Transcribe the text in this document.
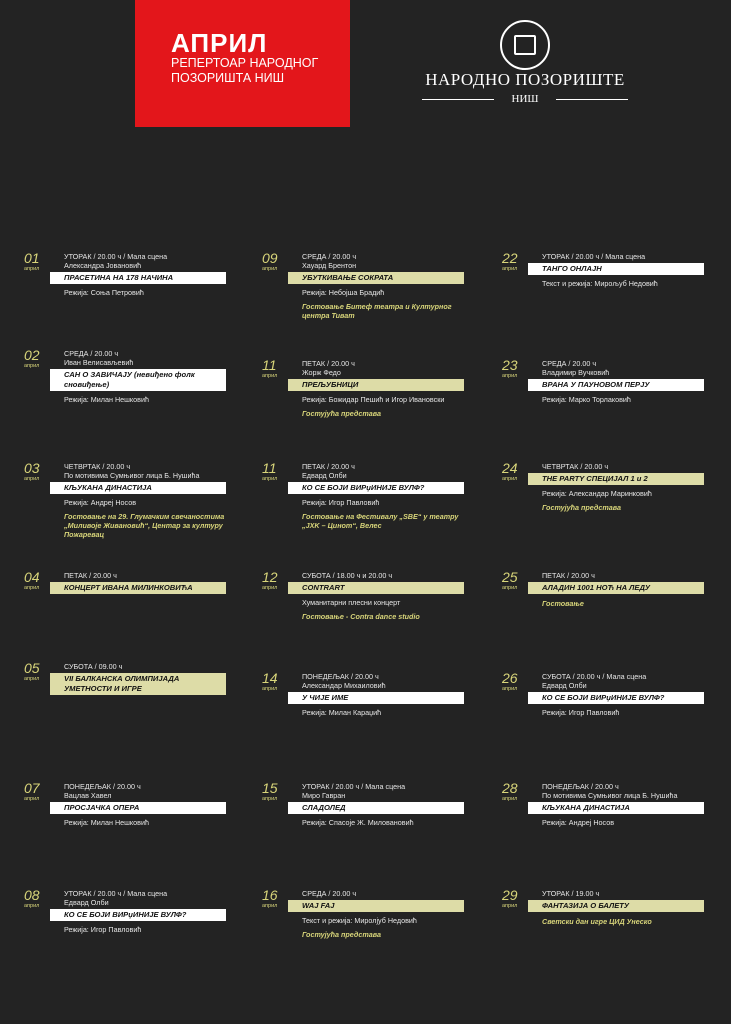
АПРИЛ
РЕПЕРТОАР НАРОДНОГ ПОЗОРИШТА НИШ	НАРОДНО ПОЗОРИШТЕ
НИШ
01
април
УТОРАК / 20.00 ч / Мала сцена
Александра Јовановић
ПРАСЕТИНА НА 178 НАЧИНА
Режија: Соња Петровић
02
април
СРЕДА / 20.00 ч
Иван Велисављевић
САН О ЗАВИЧАЈУ (невиђено фолк сновиђење)
Режија: Милан Нешковић
03
април
ЧЕТВРТАК / 20.00 ч
По мотивима Сумњивог лица Б. Нушића
КЉУКАНА ДИНАСТИЈА
Режија: Андреј Носов
Гостовање на 29. Глумачким свечаностима „Миливоје Живановић“, Центар за културу Пожаревац
04
април
ПЕТАК / 20.00 ч
КОНЦЕРТ ИВАНА МИЛИНКОВИЋА
05
април
СУБОТА / 09.00 ч
VII БАЛКАНСКА ОЛИМПИЈАДА УМЕТНОСТИ И ИГРЕ
07
април
ПОНЕДЕЉАК / 20.00 ч
Вацлав Хавел
ПРОСЈАЧКА ОПЕРА
Режија: Милан Нешковић
08
април
УТОРАК / 20.00 ч / Мала сцена
Едвард Олби
КО СЕ БОЈИ ВИРџИНИЈЕ ВУЛФ?
Режија: Игор Павловић
09
април
СРЕДА / 20.00 ч
Хауард Брентон
УБУТКИВАЊЕ СОКРАТА
Режија: Небојша Брадић
Гостовање Битеф театра и Културног центра Тиват
11
април
ПЕТАК / 20.00 ч
Жорж Федо
ПРЕЉУБНИЦИ
Режија: Божидар Пешић и Игор Ивановски
Гостујућа представа
11
април
ПЕТАК / 20.00 ч
Едвард Олби
КО СЕ БОЈИ ВИРџИНИЈЕ ВУЛФ?
Режија: Игор Павловић
Гостовање на Фестивалу „SBE“ у театру „JXK – Цинот“, Велес
12
април
СУБОТА / 18.00 ч и 20.00 ч
CONTRART
Хуманитарни плесни концерт
Гостовање - Contra dance studio
14
април
ПОНЕДЕЉАК / 20.00 ч
Александар Михаиловић
У ЧИЈЕ ИМЕ
Режија: Милан Караџић
15
април
УТОРАК / 20.00 ч / Мала сцена
Миро Гавран
СЛАДОЛЕД
Режија: Спасоје Ж. Миловановић
16
април
СРЕДА / 20.00 ч
WAJ FAJ
Текст и режија: Миролјуб Недовић
Гостујућа представа
22
април
УТОРАК / 20.00 ч / Мала сцена
ТАНГО ОНЛАЈН
Текст и режија: Мирољуб Недовић
23
април
СРЕДА / 20.00 ч
Владимир Вучковић
ВРАНА У ПАУНОВОМ ПЕРЈУ
Режија: Марко Торлаковић
24
април
ЧЕТВРТАК / 20.00 ч
THE PARTY СПЕЦИЈАЛ 1 и 2
Режија: Александар Маринковић
Гостујућа представа
25
април
ПЕТАК / 20.00 ч
АЛАДИН 1001 НОЋ НА ЛЕДУ
Гостовање
26
април
СУБОТА / 20.00 ч / Мала сцена
Едвард Олби
КО СЕ БОЈИ ВИРџИНИЈЕ ВУЛФ?
Режија: Игор Павловић
28
април
ПОНЕДЕЉАК / 20.00 ч
По мотивима Сумњивог лица Б. Нушића
КЉУКАНА ДИНАСТИЈА
Режија: Андреј Носов
29
април
УТОРАК / 19.00 ч
ФАНТАЗИЈА О БАЛЕТУ
Светски дан игре ЦИД Унеско
